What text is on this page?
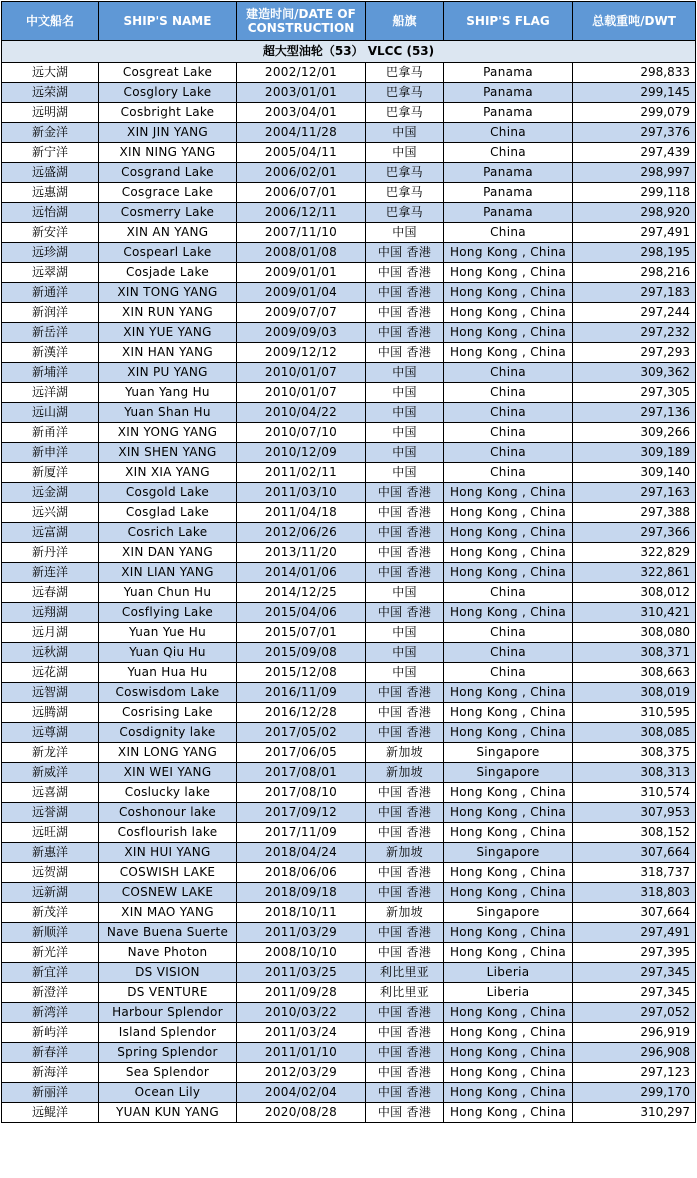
中文船名	SHIP'S NAME	建造时间/DATE OF CONSTRUCTION	船旗	SHIP'S FLAG	总载重吨/DWT
超大型油轮（53） VLCC (53)					
远大湖	Cosgreat Lake	2002/12/01	巴拿马	Panama	298,833
远荣湖	Cosglory Lake	2003/01/01	巴拿马	Panama	299,145
远明湖	Cosbright Lake	2003/04/01	巴拿马	Panama	299,079
新金洋	XIN JIN YANG	2004/11/28	中国	China	297,376
新宁洋	XIN NING YANG	2005/04/11	中国	China	297,439
远盛湖	Cosgrand Lake	2006/02/01	巴拿马	Panama	298,997
远惠湖	Cosgrace Lake	2006/07/01	巴拿马	Panama	299,118
远怡湖	Cosmerry Lake	2006/12/11	巴拿马	Panama	298,920
新安洋	XIN AN YANG	2007/11/10	中国	China	297,491
远珍湖	Cospearl Lake	2008/01/08	中国 香港	Hong Kong , China	298,195
远翠湖	Cosjade Lake	2009/01/01	中国 香港	Hong Kong , China	298,216
新通洋	XIN TONG YANG	2009/01/04	中国 香港	Hong Kong , China	297,183
新润洋	XIN RUN YANG	2009/07/07	中国 香港	Hong Kong , China	297,244
新岳洋	XIN YUE YANG	2009/09/03	中国 香港	Hong Kong , China	297,232
新漢洋	XIN HAN YANG	2009/12/12	中国 香港	Hong Kong , China	297,293
新埔洋	XIN PU YANG	2010/01/07	中国	China	309,362
远洋湖	Yuan Yang Hu	2010/01/07	中国	China	297,305
远山湖	Yuan Shan Hu	2010/04/22	中国	China	297,136
新甬洋	XIN YONG YANG	2010/07/10	中国	China	309,266
新申洋	XIN SHEN YANG	2010/12/09	中国	China	309,189
新厦洋	XIN XIA YANG	2011/02/11	中国	China	309,140
远金湖	Cosgold Lake	2011/03/10	中国 香港	Hong Kong , China	297,163
远兴湖	Cosglad Lake	2011/04/18	中国 香港	Hong Kong , China	297,388
远富湖	Cosrich Lake	2012/06/26	中国 香港	Hong Kong , China	297,366
新丹洋	XIN DAN YANG	2013/11/20	中国 香港	Hong Kong , China	322,829
新连洋	XIN LIAN YANG	2014/01/06	中国 香港	Hong Kong , China	322,861
远春湖	Yuan Chun Hu	2014/12/25	中国	China	308,012
远翔湖	Cosflying Lake	2015/04/06	中国 香港	Hong Kong , China	310,421
远月湖	Yuan Yue Hu	2015/07/01	中国	China	308,080
远秋湖	Yuan Qiu Hu	2015/09/08	中国	China	308,371
远花湖	Yuan Hua Hu	2015/12/08	中国	China	308,663
远智湖	Coswisdom Lake	2016/11/09	中国 香港	Hong Kong , China	308,019
远腾湖	Cosrising Lake	2016/12/28	中国 香港	Hong Kong , China	310,595
远尊湖	Cosdignity lake	2017/05/02	中国 香港	Hong Kong , China	308,085
新龙洋	XIN LONG YANG	2017/06/05	新加坡	Singapore	308,375
新威洋	XIN WEI YANG	2017/08/01	新加坡	Singapore	308,313
远喜湖	Coslucky lake	2017/08/10	中国 香港	Hong Kong , China	310,574
远誉湖	Coshonour lake	2017/09/12	中国 香港	Hong Kong , China	307,953
远旺湖	Cosflourish lake	2017/11/09	中国 香港	Hong Kong , China	308,152
新惠洋	XIN HUI YANG	2018/04/24	新加坡	Singapore	307,664
远贺湖	COSWISH LAKE	2018/06/06	中国 香港	Hong Kong , China	318,737
远新湖	COSNEW LAKE	2018/09/18	中国 香港	Hong Kong , China	318,803
新茂洋	XIN MAO YANG	2018/10/11	新加坡	Singapore	307,664
新顺洋	Nave Buena Suerte	2011/03/29	中国 香港	Hong Kong , China	297,491
新光洋	Nave Photon	2008/10/10	中国 香港	Hong Kong , China	297,395
新宜洋	DS VISION	2011/03/25	利比里亚	Liberia	297,345
新澄洋	DS VENTURE	2011/09/28	利比里亚	Liberia	297,345
新湾洋	Harbour Splendor	2010/03/22	中国 香港	Hong Kong , China	297,052
新屿洋	Island Splendor	2011/03/24	中国 香港	Hong Kong , China	296,919
新春洋	Spring Splendor	2011/01/10	中国 香港	Hong Kong , China	296,908
新海洋	Sea Splendor	2012/03/29	中国 香港	Hong Kong , China	297,123
新丽洋	Ocean Lily	2004/02/04	中国 香港	Hong Kong , China	299,170
远鲲洋	YUAN KUN YANG	2020/08/28	中国 香港	Hong Kong , China	310,297
